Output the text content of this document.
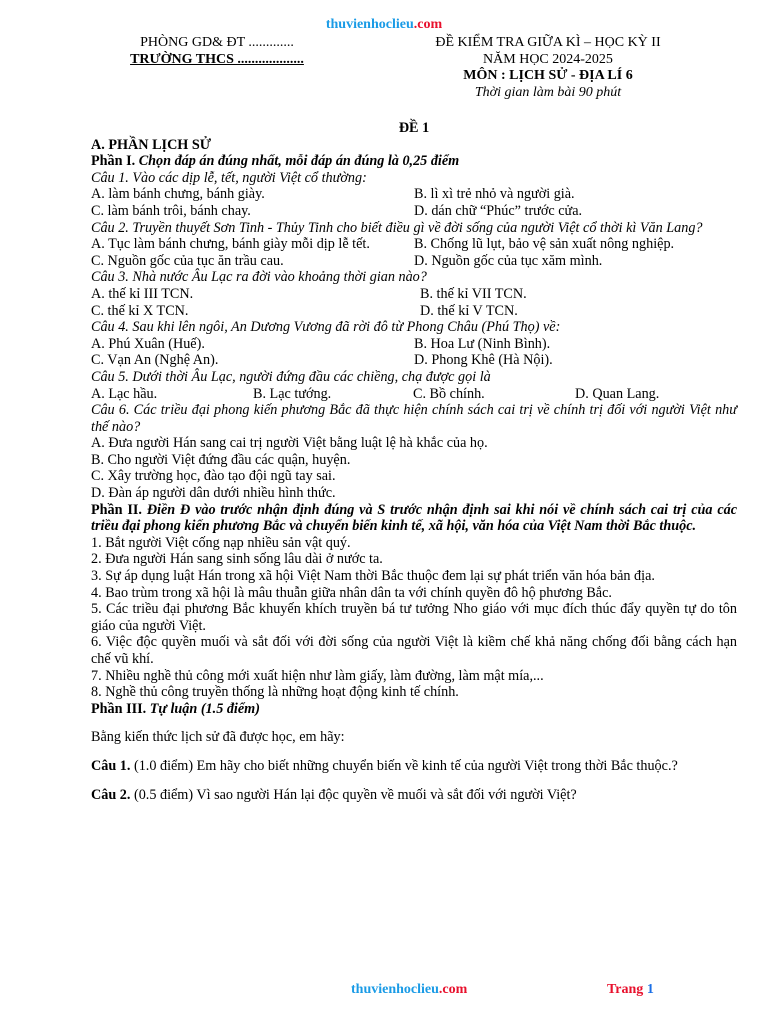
thuvienhoclieu.com
PHÒNG GD& ĐT .............
TRƯỜNG THCS ...................
ĐỀ KIỂM TRA GIỮA KÌ – HỌC KỲ II
NĂM HỌC 2024-2025
MÔN : LỊCH SỬ - ĐỊA LÍ 6
Thời gian làm bài 90 phút
ĐỀ 1
A. PHẦN LỊCH SỬ
Phần I. Chọn đáp án đúng nhất, mỗi đáp án đúng là 0,25 điểm
Câu 1. Vào các dịp lễ, tết, người Việt cổ thường:
A. làm bánh chưng, bánh giày.	B. lì xì trẻ nhỏ và người già.
C. làm bánh trôi, bánh chay.	D. dán chữ “Phúc” trước cửa.
Câu 2. Truyền thuyết Sơn Tinh - Thủy Tinh cho biết điều gì về đời sống của người Việt cổ thời kì Văn Lang?
A. Tục làm bánh chưng, bánh giày mỗi dịp lễ tết.	B. Chống lũ lụt, bảo vệ sản xuất nông nghiệp.
C. Nguồn gốc của tục ăn trầu cau.	D. Nguồn gốc của tục xăm mình.
Câu 3. Nhà nước Âu Lạc ra đời vào khoảng thời gian nào?
A. thế kỉ III TCN.	B. thế kỉ VII TCN.
C. thế kỉ X TCN.	D. thế kỉ V TCN.
Câu 4. Sau khi lên ngôi, An Dương Vương đã rời đô từ Phong Châu (Phú Thọ) về:
A. Phú Xuân (Huế).	B. Hoa Lư (Ninh Bình).
C. Vạn An (Nghệ An).	D. Phong Khê (Hà Nội).
Câu 5. Dưới thời Âu Lạc, người đứng đầu các chiềng, chạ được gọi là
A. Lạc hầu.	B. Lạc tướng.	C. Bồ chính.	D. Quan Lang.
Câu 6. Các triều đại phong kiến phương Bắc đã thực hiện chính sách cai trị về chính trị đối với người Việt như thế nào?
A. Đưa người Hán sang cai trị người Việt bằng luật lệ hà khắc của họ.
B. Cho người Việt đứng đầu các quận, huyện.
C. Xây trường học, đào tạo đội ngũ tay sai.
D. Đàn áp người dân dưới nhiều hình thức.
Phần II. Điền Đ vào trước nhận định đúng và S trước nhận định sai khi nói về chính sách cai trị của các triều đại phong kiến phương Bắc và chuyển biến kinh tế, xã hội, văn hóa của Việt Nam thời Bắc thuộc.
1. Bắt người Việt cống nạp nhiều sản vật quý.
2. Đưa người Hán sang sinh sống lâu dài ở nước ta.
3. Sự áp dụng luật Hán trong xã hội Việt Nam thời Bắc thuộc đem lại sự phát triển văn hóa bản địa.
4. Bao trùm trong xã hội là mâu thuẫn giữa nhân dân ta với chính quyền đô hộ phương Bắc.
5. Các triều đại phương Bắc khuyến khích truyền bá tư tưởng Nho giáo với mục đích thúc đẩy quyền tự do tôn giáo của người Việt.
6. Việc độc quyền muối và sắt đối với đời sống của người Việt là kiềm chế khả năng chống đối bằng cách hạn chế vũ khí.
7. Nhiều nghề thủ công mới xuất hiện như làm giấy, làm đường, làm mật mía,...
8. Nghề thủ công truyền thống là những hoạt động kinh tế chính.
Phần III. Tự luận (1.5 điểm)
Bằng kiến thức lịch sử đã được học, em hãy:
Câu 1. (1.0 điểm) Em hãy cho biết những chuyển biến về kinh tế của người Việt trong thời Bắc thuộc.?
Câu 2. (0.5 điểm) Vì sao người Hán lại độc quyền về muối và sắt đối với người Việt?
thuvienhoclieu.com	Trang 1
